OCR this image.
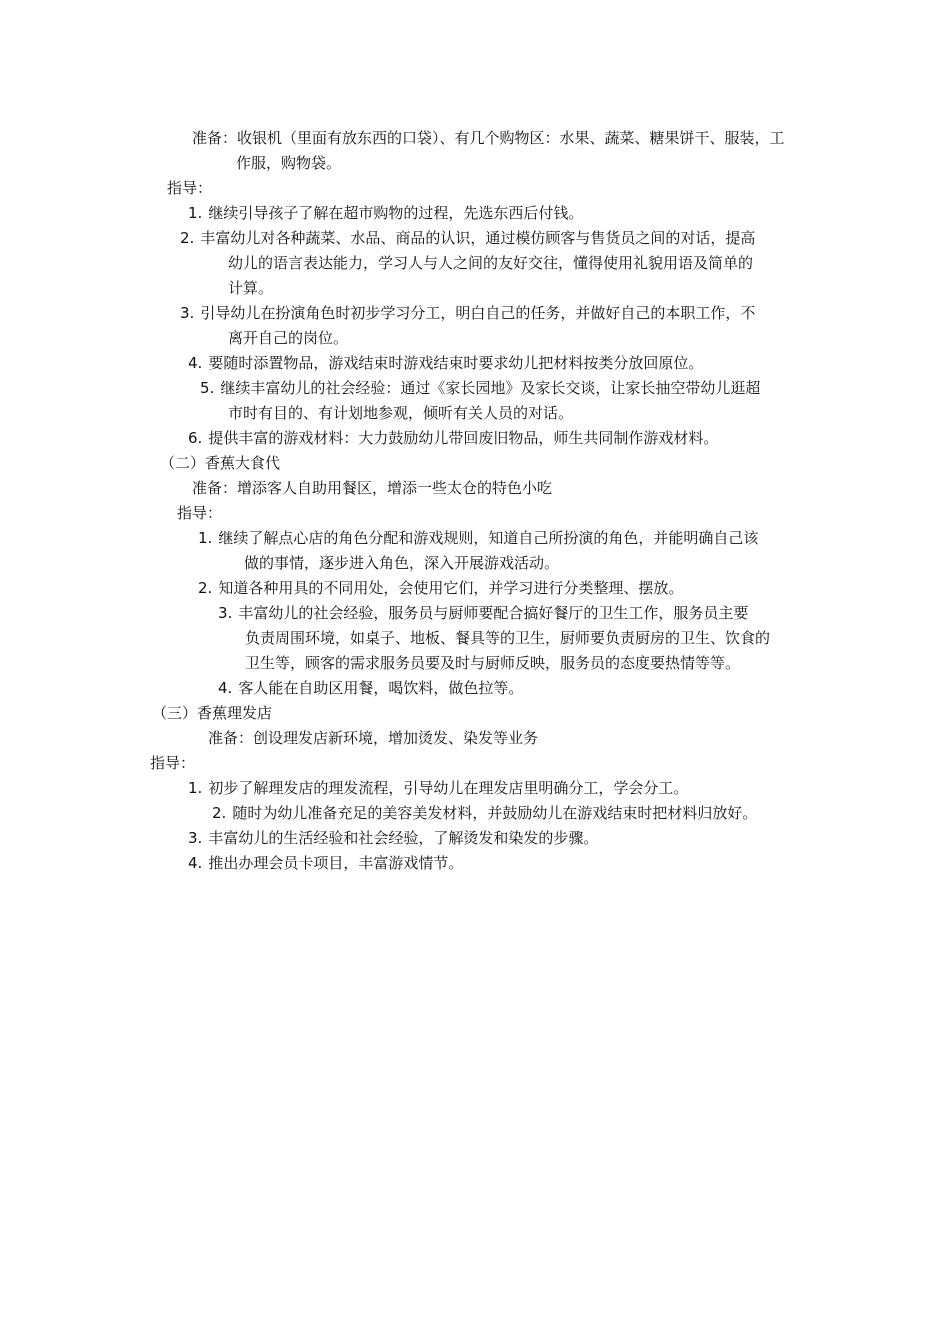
准备：收银机（里面有放东西的口袋）、有几个购物区：水果、蔬菜、糖果饼干、服装，工
作服，购物袋。
指导：
1. 继续引导孩子了解在超市购物的过程，先选东西后付钱。
2. 丰富幼儿对各种蔬菜、水品、商品的认识，通过模仿顾客与售货员之间的对话，提高
幼儿的语言表达能力，学习人与人之间的友好交往，懂得使用礼貌用语及简单的
计算。
3. 引导幼儿在扮演角色时初步学习分工，明白自己的任务，并做好自己的本职工作，不
离开自己的岗位。
4. 要随时添置物品，游戏结束时游戏结束时要求幼儿把材料按类分放回原位。
5. 继续丰富幼儿的社会经验：通过《家长园地》及家长交谈，让家长抽空带幼儿逛超
市时有目的、有计划地参观，倾听有关人员的对话。
6. 提供丰富的游戏材料：大力鼓励幼儿带回废旧物品，师生共同制作游戏材料。
（二）香蕉大食代
准备：增添客人自助用餐区，增添一些太仓的特色小吃
指导：
1. 继续了解点心店的角色分配和游戏规则，知道自己所扮演的角色，并能明确自己该
做的事情，逐步进入角色，深入开展游戏活动。
2. 知道各种用具的不同用处，会使用它们，并学习进行分类整理、摆放。
3. 丰富幼儿的社会经验，服务员与厨师要配合搞好餐厅的卫生工作，服务员主要
负责周围环境，如桌子、地板、餐具等的卫生，厨师要负责厨房的卫生、饮食的
卫生等，顾客的需求服务员要及时与厨师反映，服务员的态度要热情等等。
4. 客人能在自助区用餐，喝饮料，做色拉等。
（三）香蕉理发店
准备：创设理发店新环境，增加烫发、染发等业务
指导：
1. 初步了解理发店的理发流程，引导幼儿在理发店里明确分工，学会分工。
2. 随时为幼儿准备充足的美容美发材料，并鼓励幼儿在游戏结束时把材料归放好。
3. 丰富幼儿的生活经验和社会经验，了解烫发和染发的步骤。
4. 推出办理会员卡项目，丰富游戏情节。
